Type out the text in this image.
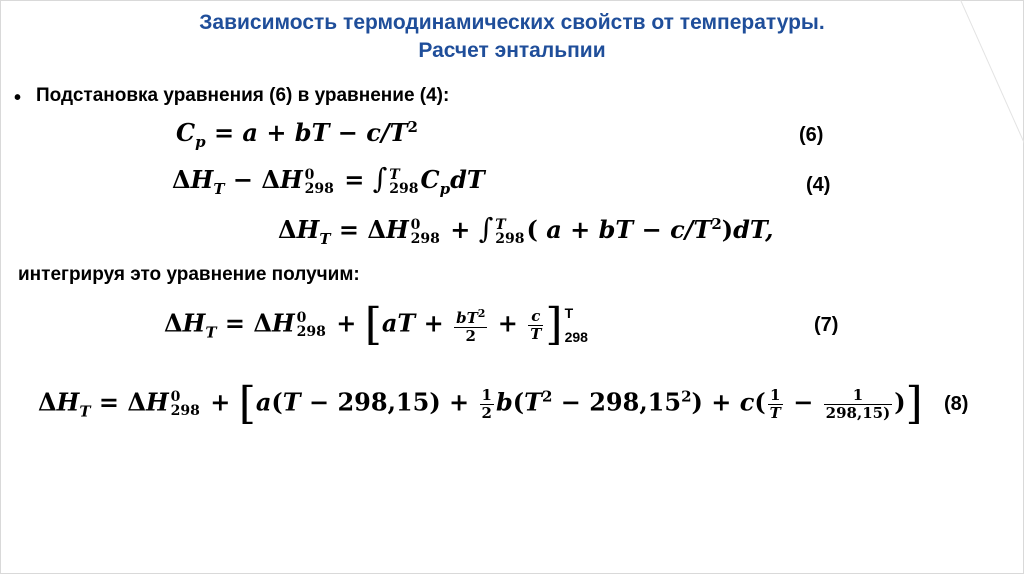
Зависимость термодинамических свойств от температуры.
Расчет энтальпии
• Подстановка уравнения (6) в уравнение (4):
$C_p = a$ + bT − $c/T^2$	(6)
$\Delta H_T - \Delta H$ 0
298 = ∫ T
298 $C_pdT$	(4)
$\Delta H_T = \Delta H$ 0
298 + ∫ T
298 ( a + bT − $c/T^2)dT$,
интегрируя это уравнение получим:
$\Delta H_T = \Delta H$ 0
$298 + [aT + \frac{bT^2}{2} + \frac{c}{T}$ ] T
298
(7)
$\Delta H_T = \Delta H$ 0
$298 + [a(T - 298,15) + \frac{1}{2} b(T^2 - 298,15^2) + c( \frac{1}{T} - \frac{1}{298,15)}$ )] (8)
